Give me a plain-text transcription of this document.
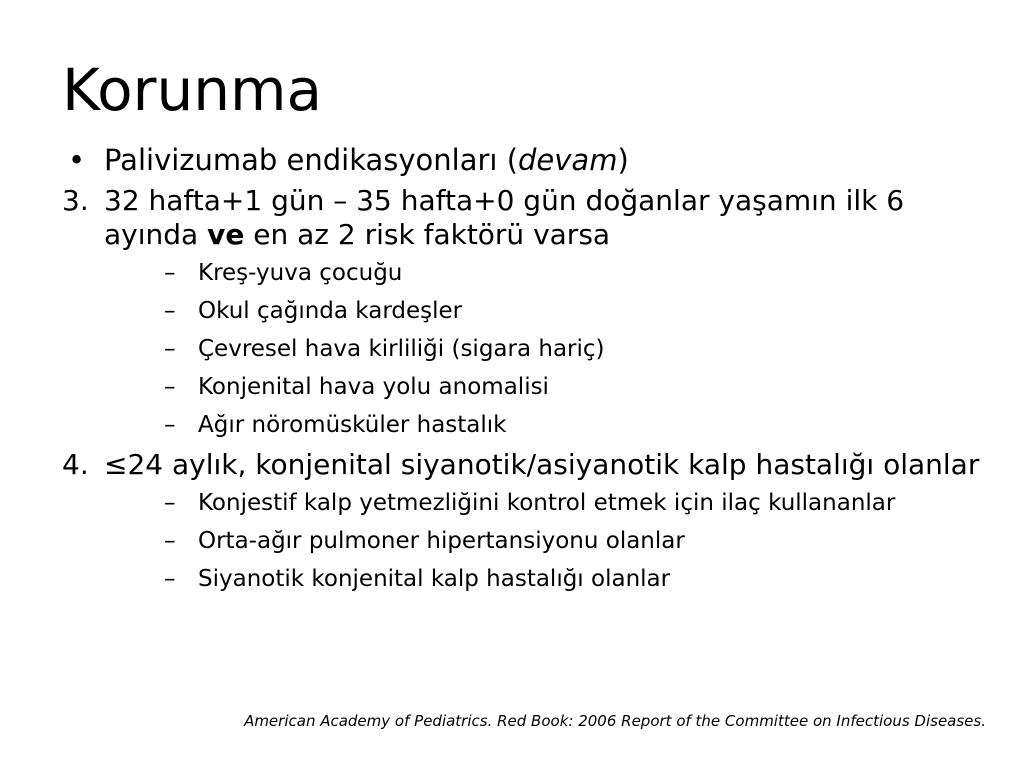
Korunma
• Palivizumab endikasyonları (devam)
3. 32 hafta+1 gün – 35 hafta+0 gün doğanlar yaşamın ilk 6 ayında ve en az 2 risk faktörü varsa
– Kreş-yuva çocuğu
– Okul çağında kardeşler
– Çevresel hava kirliliği (sigara hariç)
– Konjenital hava yolu anomalisi
– Ağır nöromüsküler hastalık
4. ≤24 aylık, konjenital siyanotik/asiyanotik kalp hastalığı olanlar
– Konjestif kalp yetmezliğini kontrol etmek için ilaç kullananlar
– Orta-ağır pulmoner hipertansiyonu olanlar
– Siyanotik konjenital kalp hastalığı olanlar
American Academy of Pediatrics. Red Book: 2006 Report of the Committee on Infectious Diseases.
